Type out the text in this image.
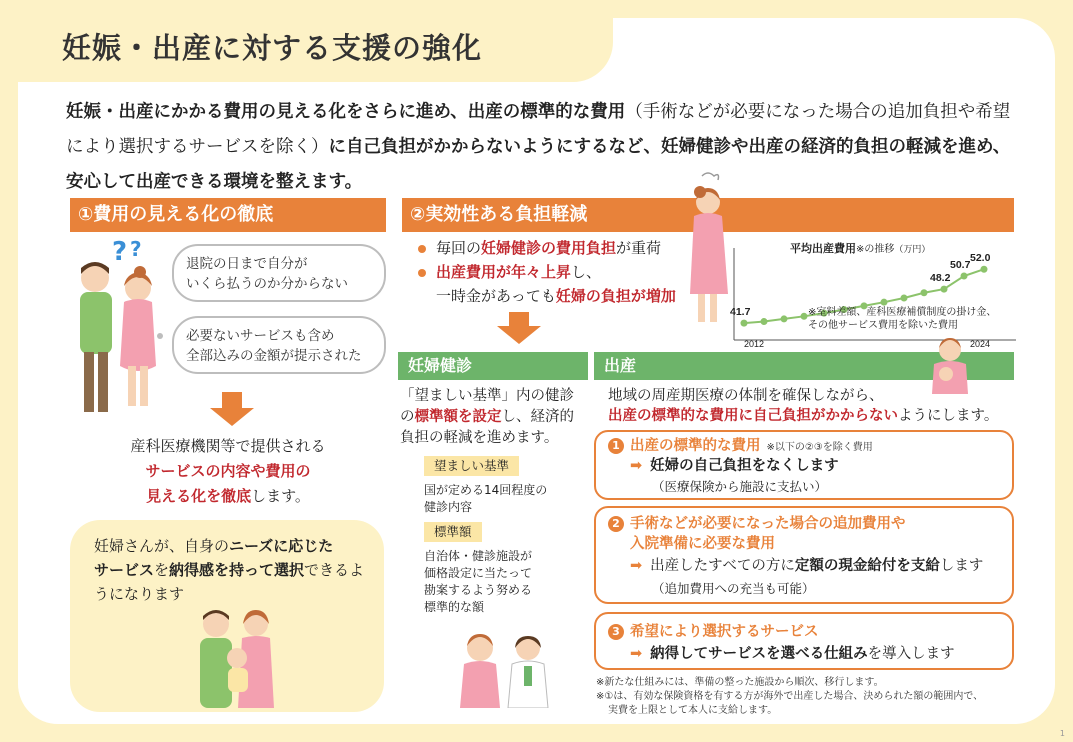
妊娠・出産に対する支援の強化
妊娠・出産にかかる費用の見える化をさらに進め、出産の標準的な費用（手術などが必要になった場合の追加負担や希望により選択するサービスを除く）に自己負担がかからないようにするなど、妊婦健診や出産の経済的負担の軽減を進め、安心して出産できる環境を整えます。
①費用の見える化の徹底
? ?
退院の日まで自分が
いくら払うのか分からない
必要ないサービスも含め
全部込みの金額が提示された
産科医療機関等で提供される
サービスの内容や費用の
見える化を徹底します。
妊婦さんが、自身のニーズに応じた
サービスを納得感を持って選択できるようになります
②実効性ある負担軽減
毎回の妊婦健診の費用負担が重荷
出産費用が年々上昇し、
一時金があっても妊婦の負担が増加
平均出産費用※の推移（万円）
41.7
48.2
50.7
52.0
2012	2024
※室料差額、産科医療補償制度の掛け金、
その他サービス費用を除いた費用
妊婦健診
「望ましい基準」内の健診の標準額を設定し、経済的負担の軽減を進めます。
望ましい基準
国が定める14回程度の
健診内容
標準額
自治体・健診施設が
価格設定に当たって
勘案するよう努める
標準的な額
出産
地域の周産期医療の体制を確保しながら、
出産の標準的な費用に自己負担がかからないようにします。
1 出産の標準的な費用 ※以下の②③を除く費用
➡ 妊婦の自己負担をなくします
（医療保険から施設に支払い）
2 手術などが必要になった場合の追加費用や
入院準備に必要な費用
➡ 出産したすべての方に定額の現金給付を支給します
（追加費用への充当も可能）
3 希望により選択するサービス
➡ 納得してサービスを選べる仕組みを導入します
※新たな仕組みには、準備の整った施設から順次、移行します。
※①は、有効な保険資格を有する方が海外で出産した場合、決められた額の範囲内で、
実費を上限として本人に支給します。
1
